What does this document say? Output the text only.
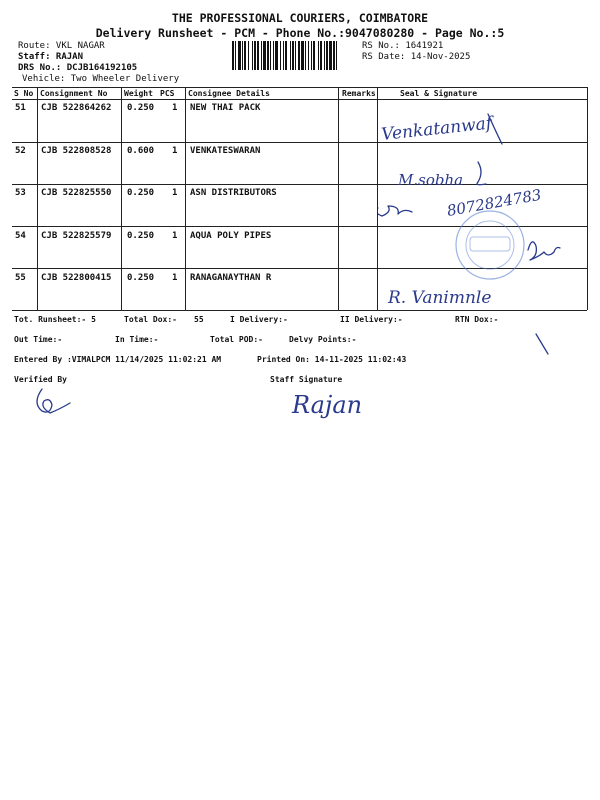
THE PROFESSIONAL COURIERS, COIMBATORE
Delivery Runsheet - PCM - Phone No.:9047080280 - Page No.:5
Route: VKL NAGAR
Staff: RAJAN
DRS No.: DCJB164192105
Vehicle: Two Wheeler Delivery
RS No.: 1641921
RS Date: 14-Nov-2025
S No Consignment No Weight PCS Consignee Details	Remarks	Seal & Signature
51 CJB 522864262 0.250 1 NEW THAI PACK
52 CJB 522808528 0.600 1 VENKATESWARAN
53 CJB 522825550 0.250 1 ASN DISTRIBUTORS
54 CJB 522825579 0.250 1 AQUA POLY PIPES
55 CJB 522800415 0.250 1 RANAGANAYTHAN R
Venkatanwaf
M.sobha
8072824783
R. Vanimnle
Tot. Runsheet:- 5	Total Dox:- 55	I Delivery:-	II Delivery:-	RTN Dox:-
Out Time:-	In Time:-	Total POD:-	Delvy Points:-
Entered By :VIMALPCM 11/14/2025 11:02:21 AM	Printed On: 14-11-2025 11:02:43
Verified By	Staff Signature
Rajan
